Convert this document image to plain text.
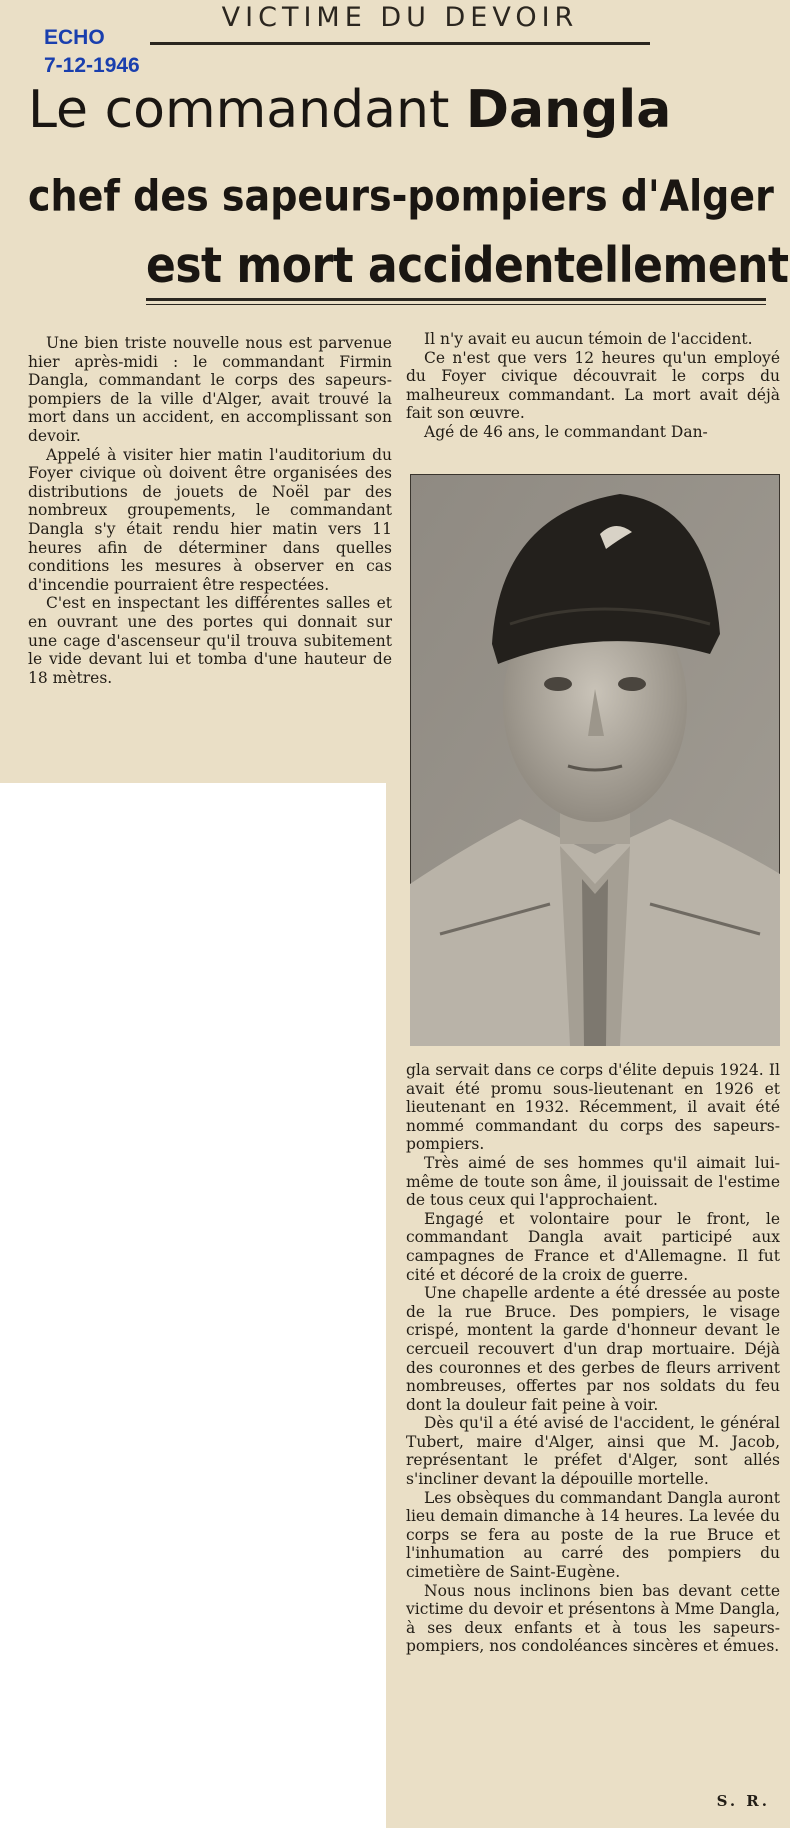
ECHO
7-12-1946
VICTIME DU DEVOIR
Le commandant Dangla
chef des sapeurs-pompiers d'Alger
est mort accidentellement

Une bien triste nouvelle nous est parvenue hier après-midi : le commandant Firmin Dangla, commandant le corps des sapeurs-pompiers de la ville d'Alger, avait trouvé la mort dans un accident, en accomplissant son devoir.

Appelé à visiter hier matin l'auditorium du Foyer civique où doivent être organisées des distributions de jouets de Noël par des nombreux groupements, le commandant Dangla s'y était rendu hier matin vers 11 heures afin de déterminer dans quelles conditions les mesures à observer en cas d'incendie pourraient être respectées.

C'est en inspectant les différentes salles et en ouvrant une des portes qui donnait sur une cage d'ascenseur qu'il trouva subitement le vide devant lui et tomba d'une hauteur de 18 mètres.

Il n'y avait eu aucun témoin de l'accident.

Ce n'est que vers 12 heures qu'un employé du Foyer civique découvrait le corps du malheureux commandant. La mort avait déjà fait son œuvre.

Agé de 46 ans, le commandant Dan-

gla servait dans ce corps d'élite depuis 1924. Il avait été promu sous-lieutenant en 1926 et lieutenant en 1932. Récemment, il avait été nommé commandant du corps des sapeurs-pompiers.

Très aimé de ses hommes qu'il aimait lui-même de toute son âme, il jouissait de l'estime de tous ceux qui l'approchaient.

Engagé et volontaire pour le front, le commandant Dangla avait participé aux campagnes de France et d'Allemagne. Il fut cité et décoré de la croix de guerre.

Une chapelle ardente a été dressée au poste de la rue Bruce. Des pompiers, le visage crispé, montent la garde d'honneur devant le cercueil recouvert d'un drap mortuaire. Déjà des couronnes et des gerbes de fleurs arrivent nombreuses, offertes par nos soldats du feu dont la douleur fait peine à voir.

Dès qu'il a été avisé de l'accident, le général Tubert, maire d'Alger, ainsi que M. Jacob, représentant le préfet d'Alger, sont allés s'incliner devant la dépouille mortelle.

Les obsèques du commandant Dangla auront lieu demain dimanche à 14 heures. La levée du corps se fera au poste de la rue Bruce et l'inhumation au carré des pompiers du cimetière de Saint-Eugène.

Nous nous inclinons bien bas devant cette victime du devoir et présentons à Mme Dangla, à ses deux enfants et à tous les sapeurs-pompiers, nos condoléances sincères et émues.

S. R.
